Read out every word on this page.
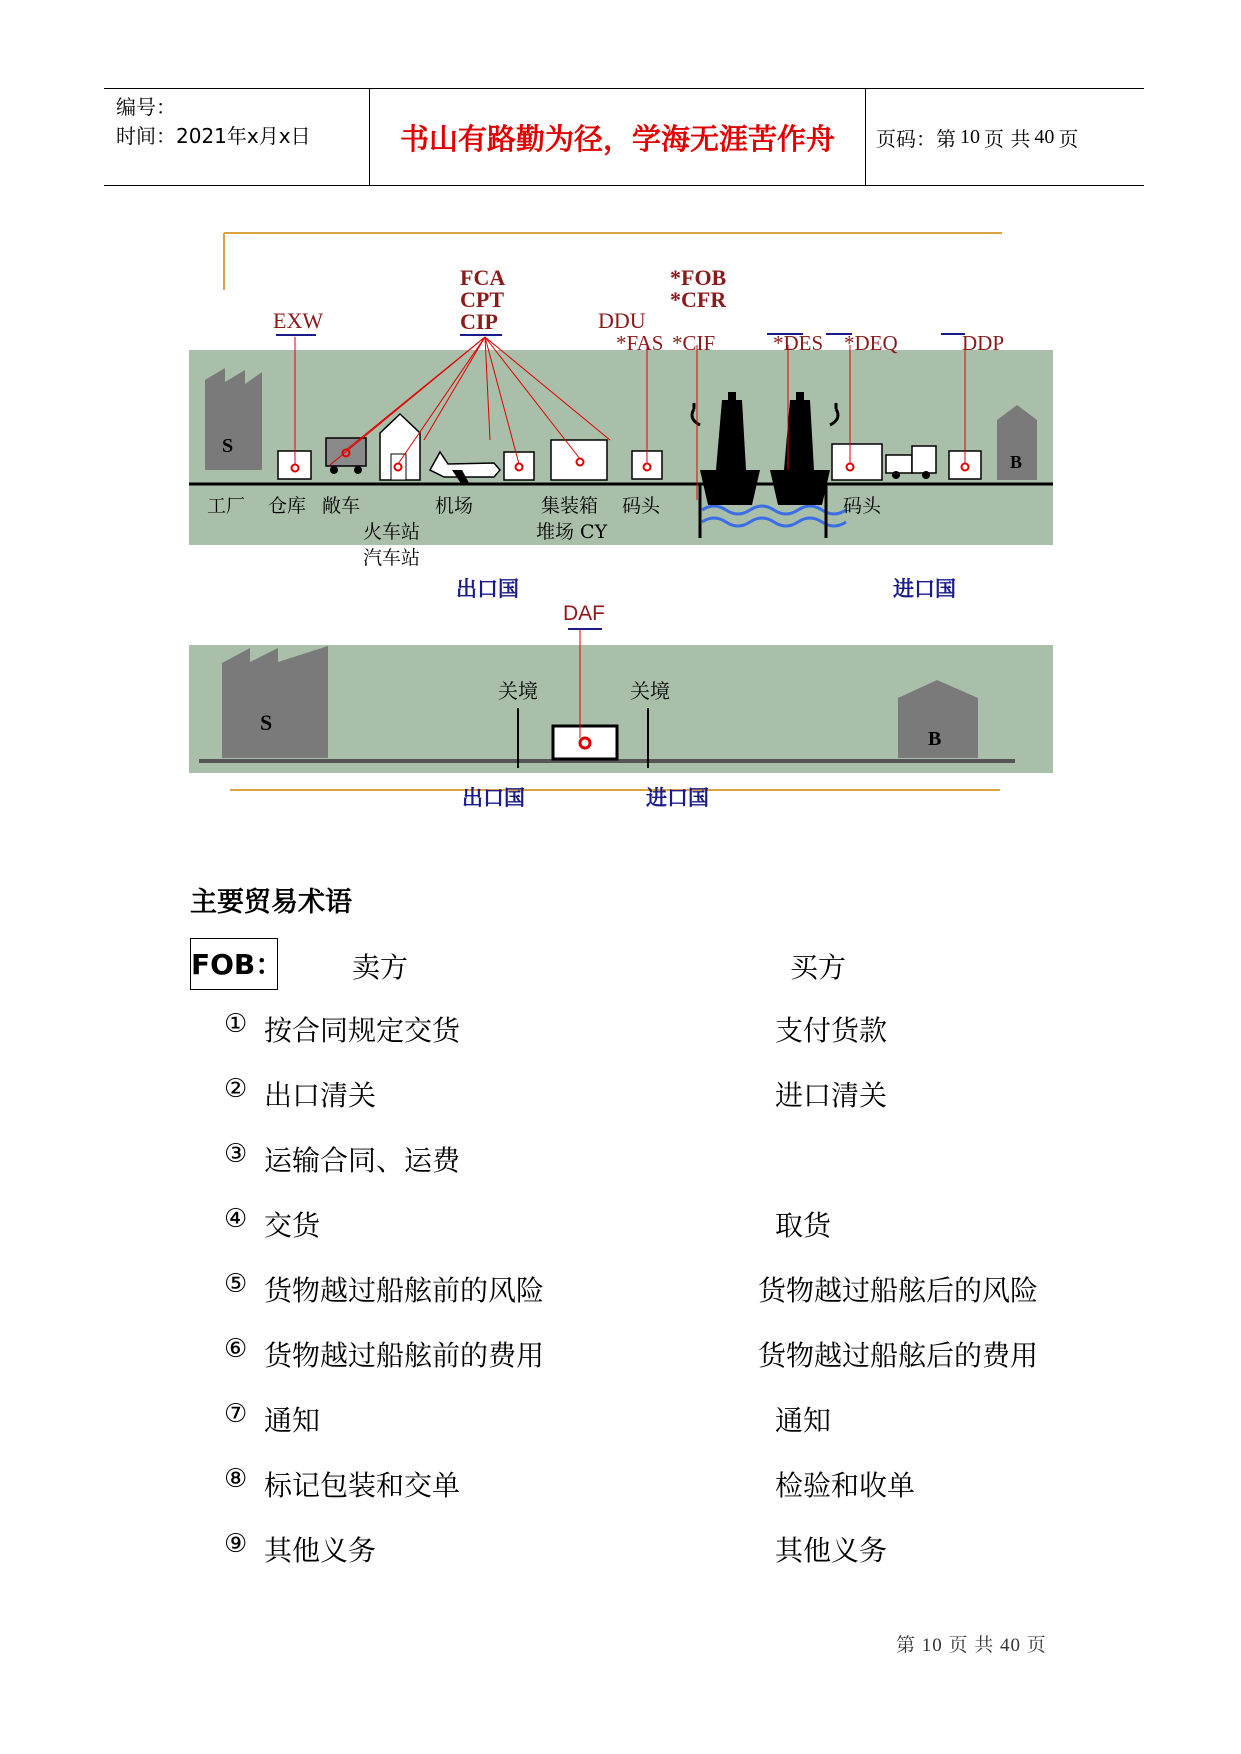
编号：
时间：2021年x月x日	书山有路勤为径，学海无涯苦作舟	页码：第 10 页 共 40 页
S
B
EXW
FCA
CPT
CIP	DDU
*FAS *CIF
*FOB
*CFR
*DES *DEQ	DDP
工厂 仓库 敞车
火车站
汽车站
机场	集装箱
堆场 CY
码头	码头
出口国	进口国
DAF
S
B
关境	关境
出口国	进口国
主要贸易术语
FOB： 卖方	买方
① 按合同规定交货	支付货款
② 出口清关	进口清关
③ 运输合同、运费
④ 交货	取货
⑤ 货物越过船舷前的风险	货物越过船舷后的风险
⑥ 货物越过船舷前的费用	货物越过船舷后的费用
⑦ 通知	通知
⑧ 标记包装和交单	检验和收单
⑨ 其他义务	其他义务
第 10 页 共 40 页
